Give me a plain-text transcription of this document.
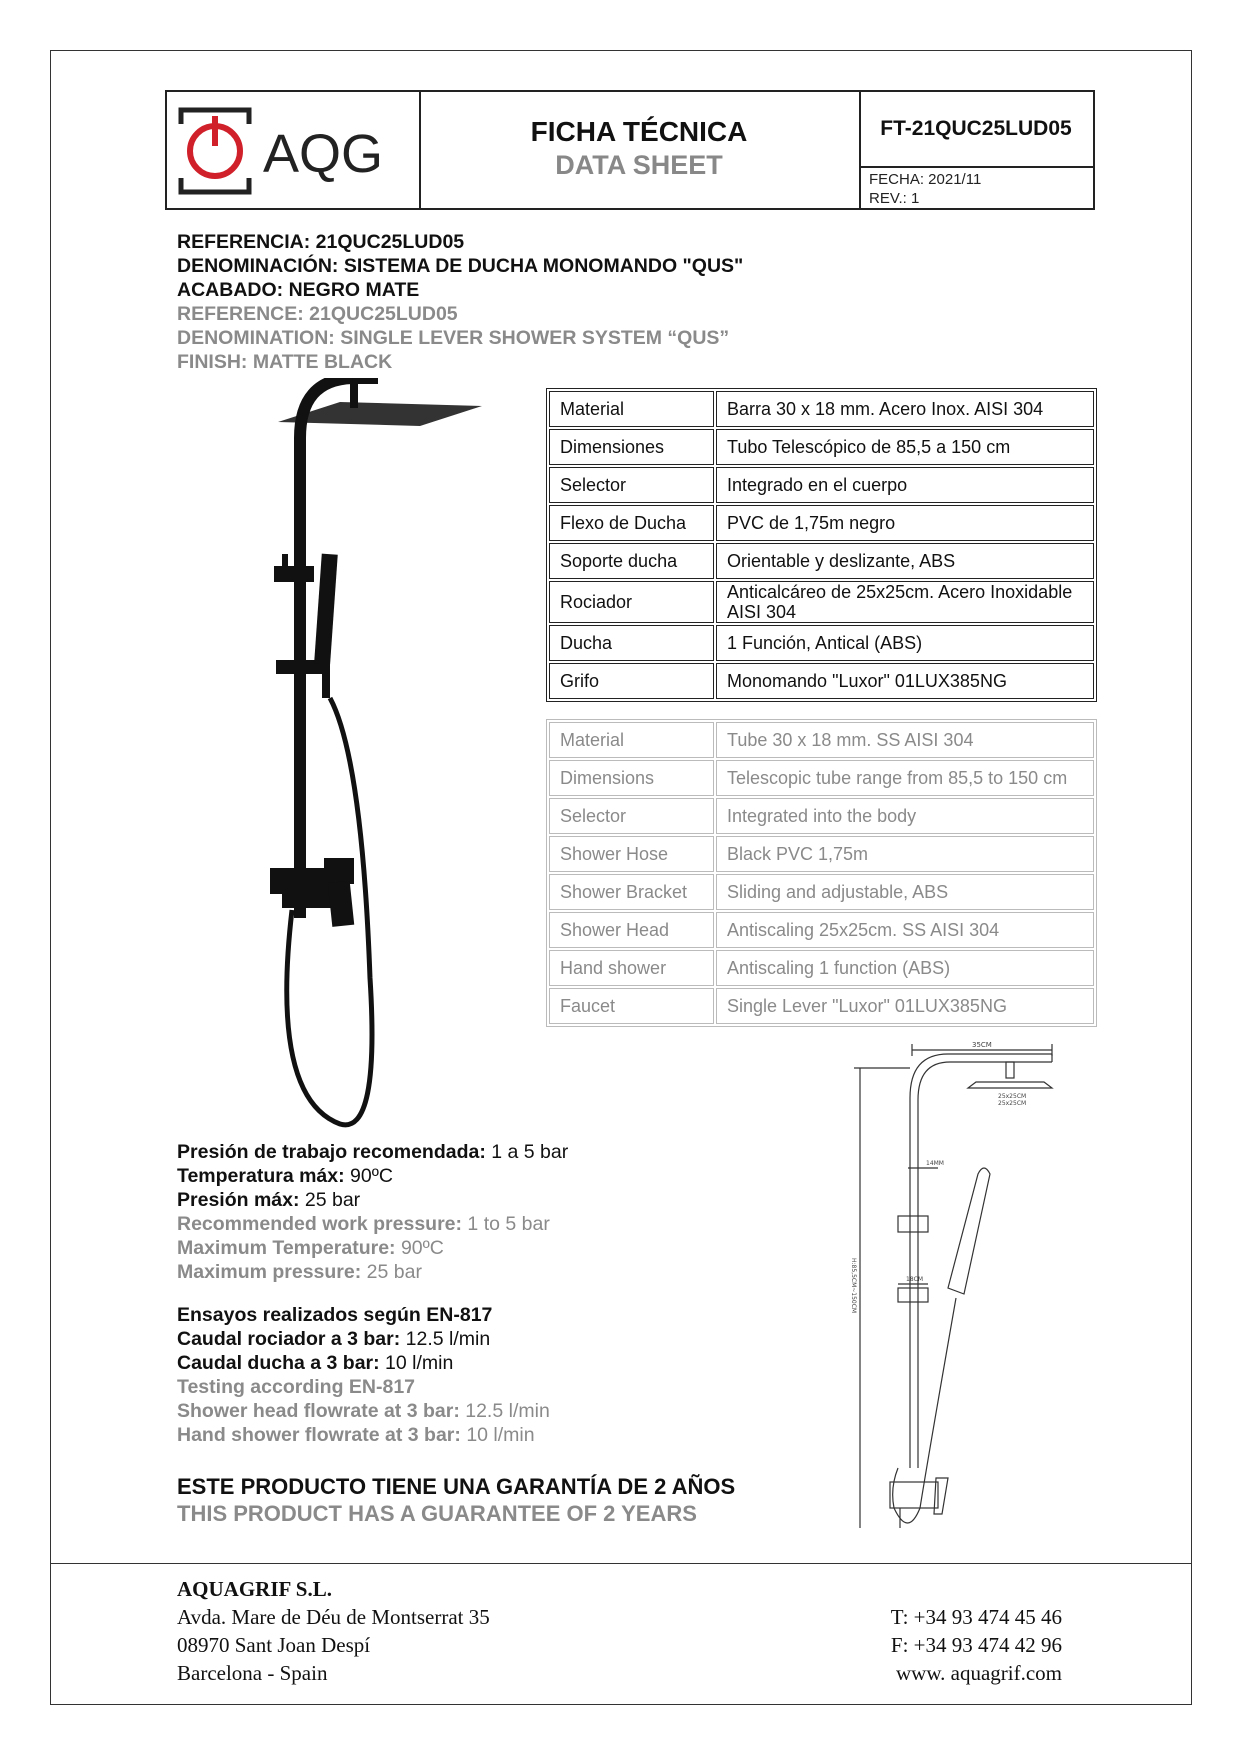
AQG	FICHA TÉCNICA
DATA SHEET
FT-21QUC25LUD05
FECHA: 2021/11
REV.: 1
REFERENCIA: 21QUC25LUD05
DENOMINACIÓN: SISTEMA DE DUCHA MONOMANDO "QUS"
ACABADO: NEGRO MATE
REFERENCE: 21QUC25LUD05
DENOMINATION: SINGLE LEVER SHOWER SYSTEM “QUS”
FINISH: MATTE BLACK
Material	Barra 30 x 18 mm. Acero Inox. AISI 304
Dimensiones	Tubo Telescópico de 85,5 a 150 cm
Selector	Integrado en el cuerpo
Flexo de Ducha	PVC de 1,75m negro
Soporte ducha	Orientable y deslizante, ABS
Rociador	Anticalcáreo de 25x25cm. Acero Inoxidable AISI 304
Ducha	1 Función, Antical (ABS)
Grifo	Monomando "Luxor" 01LUX385NG
Material	Tube 30 x 18 mm. SS AISI 304
Dimensions	Telescopic tube range from 85,5 to 150 cm
Selector	Integrated into the body
Shower Hose	Black PVC 1,75m
Shower Bracket	Sliding and adjustable, ABS
Shower Head	Antiscaling 25x25cm. SS AISI 304
Hand shower	Antiscaling 1 function (ABS)
Faucet	Single Lever "Luxor" 01LUX385NG
Presión de trabajo recomendada: 1 a 5 bar
Temperatura máx: 90ºC
Presión máx: 25 bar
Recommended work pressure: 1 to 5 bar
Maximum Temperature: 90ºC
Maximum pressure: 25 bar
Ensayos realizados según EN-817
Caudal rociador a 3 bar: 12.5 l/min
Caudal ducha a 3 bar: 10 l/min
Testing according EN-817
Shower head flowrate at 3 bar: 12.5 l/min
Hand shower flowrate at 3 bar: 10 l/min
ESTE PRODUCTO TIENE UNA GARANTÍA DE 2 AÑOS
THIS PRODUCT HAS A GUARANTEE OF 2 YEARS
35CM
25x25CM
25x25CM
14MM
18CM
H:85,5CM~150CM
AQUAGRIF S.L.
Avda. Mare de Déu de Montserrat 35
08970 Sant Joan Despí
Barcelona - Spain
T: +34 93 474 45 46
F: +34 93 474 42 96
www. aquagrif.com
